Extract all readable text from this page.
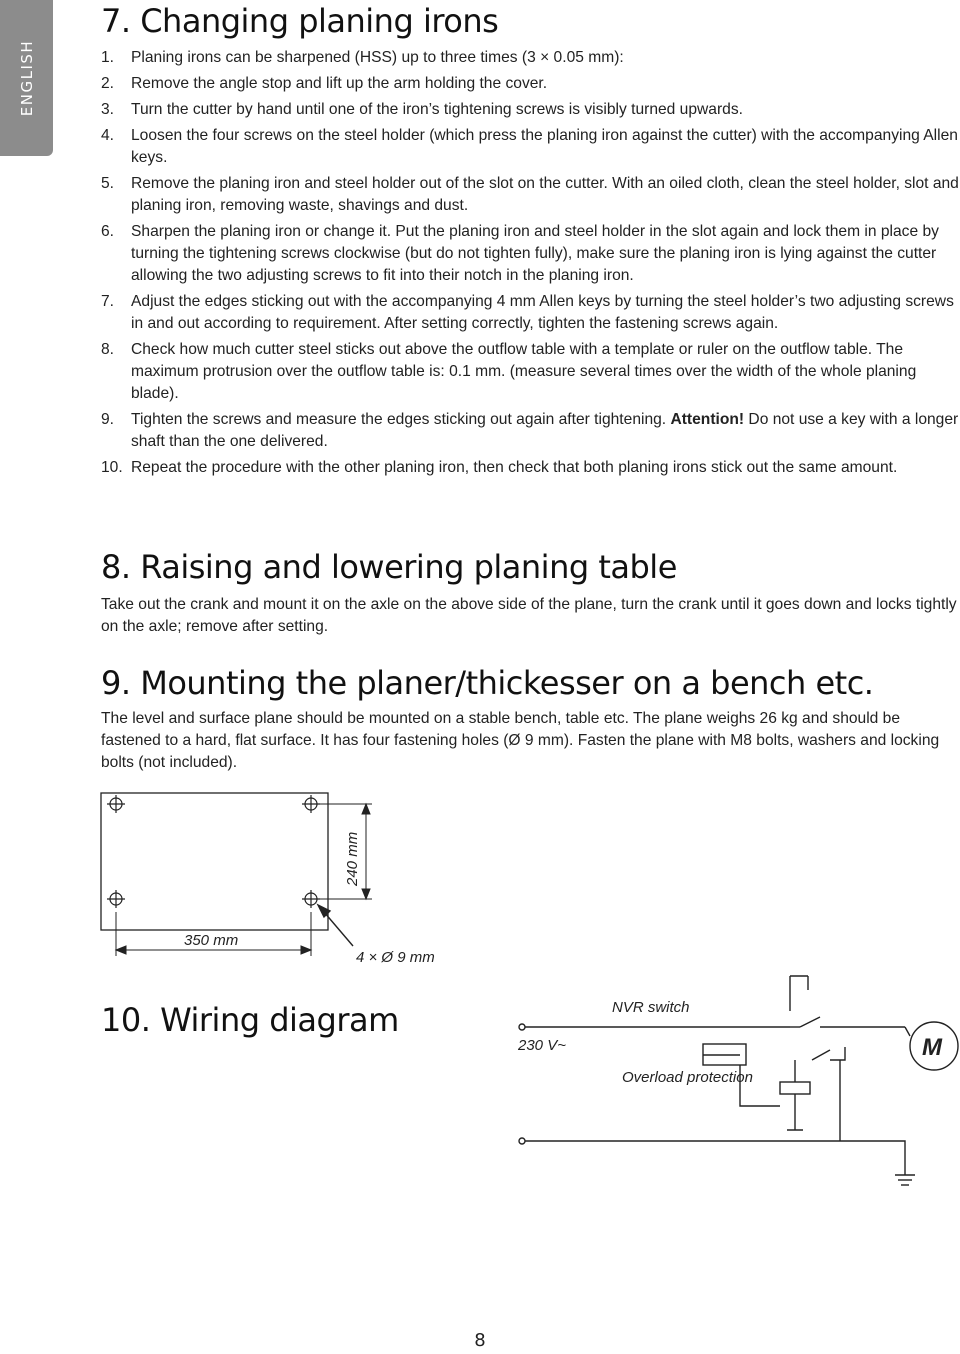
ENGLISH
7. Changing planing irons
1. Planing irons can be sharpened (HSS) up to three times (3 × 0.05 mm):
2. Remove the angle stop and lift up the arm holding the cover.
3. Turn the cutter by hand until one of the iron’s tightening screws is visibly turned upwards.
4. Loosen the four screws on the steel holder (which press the planing iron against the cutter) with the accompanying Allen keys.
5. Remove the planing iron and steel holder out of the slot on the cutter. With an oiled cloth, clean the steel holder, slot and planing iron, removing waste, shavings and dust.
6. Sharpen the planing iron or change it. Put the planing iron and steel holder in the slot again and lock them in place by turning the tightening screws clockwise (but do not tighten fully), make sure the planing iron is lying against the cutter allowing the two adjusting screws to fit into their notch in the planing iron.
7. Adjust the edges sticking out with the accompanying 4 mm Allen keys by turning the steel holder’s two adjusting screws in and out according to requirement. After setting correctly, tighten the fastening screws again.
8. Check how much cutter steel sticks out above the outflow table with a template or ruler on the outflow table. The maximum protrusion over the outflow table is: 0.1 mm. (measure several times over the width of the whole planing blade).
9. Tighten the screws and measure the edges sticking out again after tightening. Attention! Do not use a key with a longer shaft than the one delivered.
10. Repeat the procedure with the other planing iron, then check that both planing irons stick out the same amount.
8. Raising and lowering planing table

Take out the crank and mount it on the axle on the above side of the plane, turn the crank until it goes down and locks tightly on the axle; remove after setting.

9. Mounting the planer/thickesser on a bench etc.

The level and surface plane should be mounted on a stable bench, table etc. The plane weighs 26 kg and should be fastened to a hard, flat surface. It has four fastening holes (Ø 9 mm). Fasten the plane with M8 bolts, washers and locking bolts (not included).

350 mm
240 mm
4 × Ø 9 mm
10. Wiring diagram
230 V~
NVR switch
Overload protection
M
8
